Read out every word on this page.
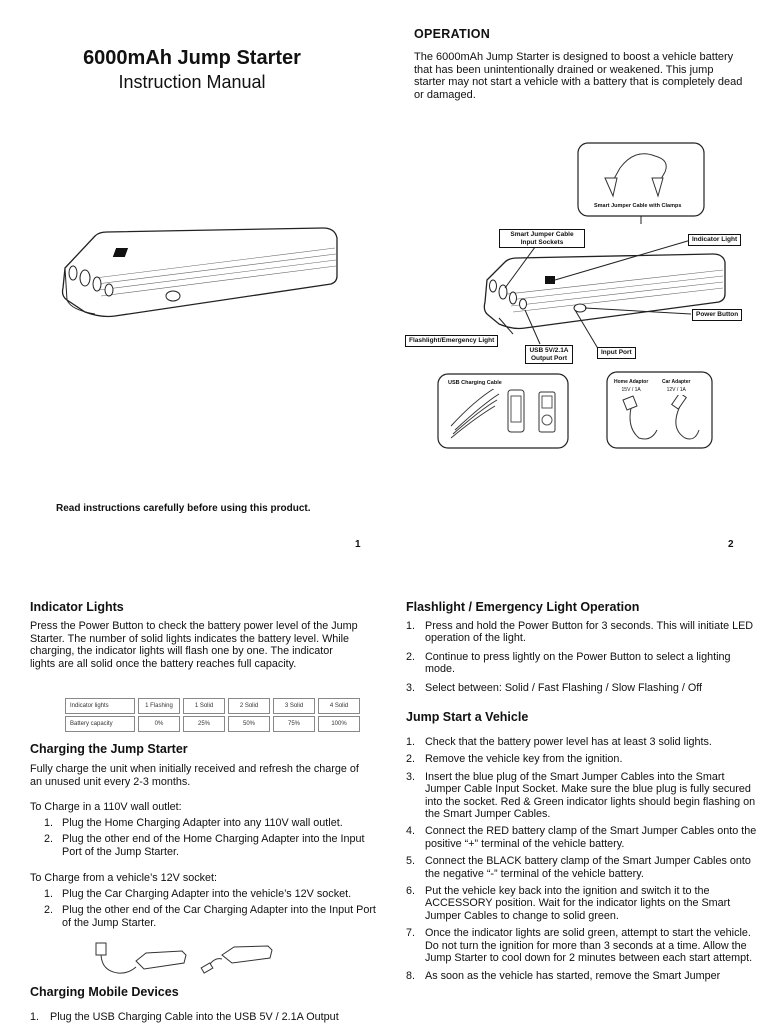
6000mAh Jump Starter
Instruction Manual
Read instructions carefully before using this product.
1
OPERATION
The 6000mAh Jump Starter is designed to boost a vehicle battery that has been unintentionally drained or weakened. This jump starter may not start a vehicle with a battery that is completely dead or damaged.
Smart Jumper Cable with Clamps
Smart Jumper Cable Input Sockets	Indicator Light
Power Button
Flashlight/Emergency Light
USB 5V/2.1A Output Port
Input Port
USB Charging Cable	Home Adaptor
15V / 1A
Car Adapter
12V / 1A
2
Indicator Lights
Press the Power Button to check the battery power level of the Jump Starter. The number of solid lights indicates the battery level. While charging, the indicator lights will flash one by one. The indicator lights are all solid once the battery reaches full capacity.
Indicator lights	1 Flashing	1 Solid	2 Solid	3 Solid	4 Solid
Battery capacity	0%	25%	50%	75%	100%
Charging the Jump Starter
Fully charge the unit when initially received and refresh the charge of an unused unit every 2-3 months.
To Charge in a 110V wall outlet:
1. Plug the Home Charging Adapter into any 110V wall outlet.
2. Plug the other end of the Home Charging Adapter into the Input Port of the Jump Starter.
To Charge from a vehicle’s 12V socket:
1. Plug the Car Charging Adapter into the vehicle’s 12V socket.
2. Plug the other end of the Car Charging Adapter into the Input Port of the Jump Starter.
Charging Mobile Devices
1.	Plug the USB Charging Cable into the USB 5V / 2.1A Output
Flashlight / Emergency Light Operation
1. Press and hold the Power Button for 3 seconds. This will initiate LED operation of the light.
2. Continue to press lightly on the Power Button to select a lighting mode.
3. Select between: Solid / Fast Flashing / Slow Flashing / Off
Jump Start a Vehicle
1. Check that the battery power level has at least 3 solid lights.
2. Remove the vehicle key from the ignition.
3. Insert the blue plug of the Smart Jumper Cables into the Smart Jumper Cable Input Socket. Make sure the blue plug is fully secured into the socket. Red & Green indicator lights should begin flashing on the Smart Jumper Cables.
4. Connect the RED battery clamp of the Smart Jumper Cables onto the positive “+” terminal of the vehicle battery.
5. Connect the BLACK battery clamp of the Smart Jumper Cables onto the negative “-” terminal of the vehicle battery.
6. Put the vehicle key back into the ignition and switch it to the ACCESSORY position. Wait for the indicator lights on the Smart Jumper Cables to change to solid green.
7. Once the indicator lights are solid green, attempt to start the vehicle. Do not turn the ignition for more than 3 seconds at a time. Allow the Jump Starter to cool down for 2 minutes between each start attempt.
8. As soon as the vehicle has started, remove the Smart Jumper
